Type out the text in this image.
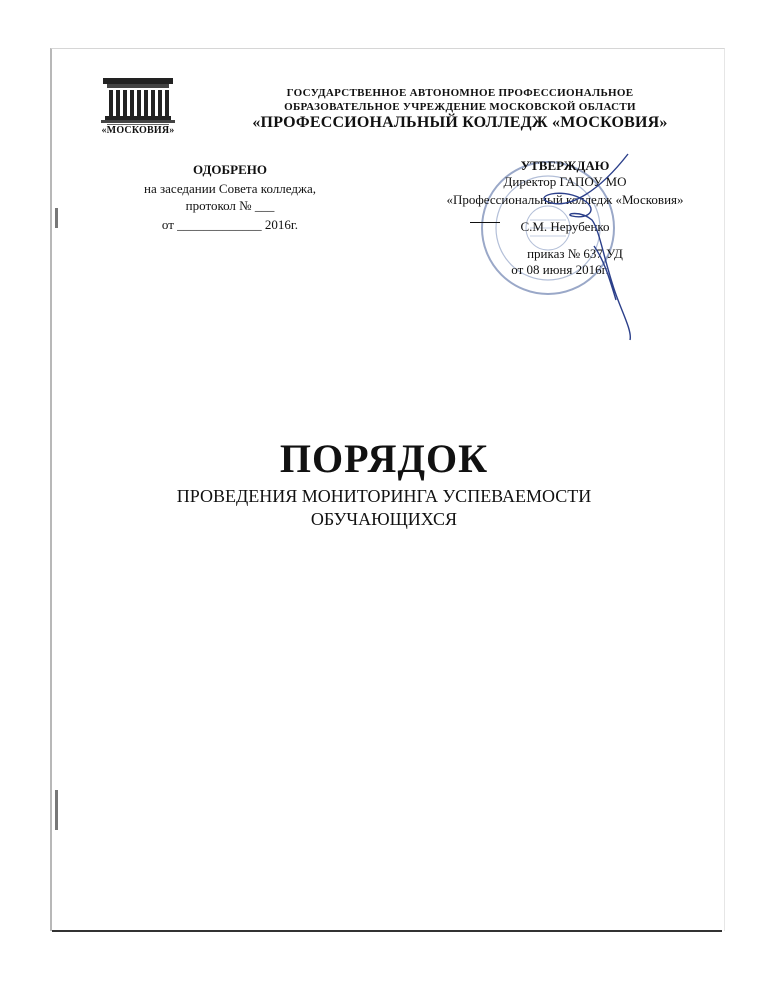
«МОСКОВИЯ»
ГОСУДАРСТВЕННОЕ АВТОНОМНОЕ ПРОФЕССИОНАЛЬНОЕ
ОБРАЗОВАТЕЛЬНОЕ УЧРЕЖДЕНИЕ МОСКОВСКОЙ ОБЛАСТИ
«ПРОФЕССИОНАЛЬНЫЙ КОЛЛЕДЖ «МОСКОВИЯ»
ОДОБРЕНО
на заседании Совета колледжа,
протокол № ___
от _____________ 2016г.
УТВЕРЖДАЮ
Директор ГАПОУ МО
«Профессиональный колледж «Московия»
С.М. Нерубенко
приказ № 637 УД
от 08 июня 2016г.
ПОРЯДОК
ПРОВЕДЕНИЯ МОНИТОРИНГА УСПЕВАЕМОСТИ
ОБУЧАЮЩИХСЯ
